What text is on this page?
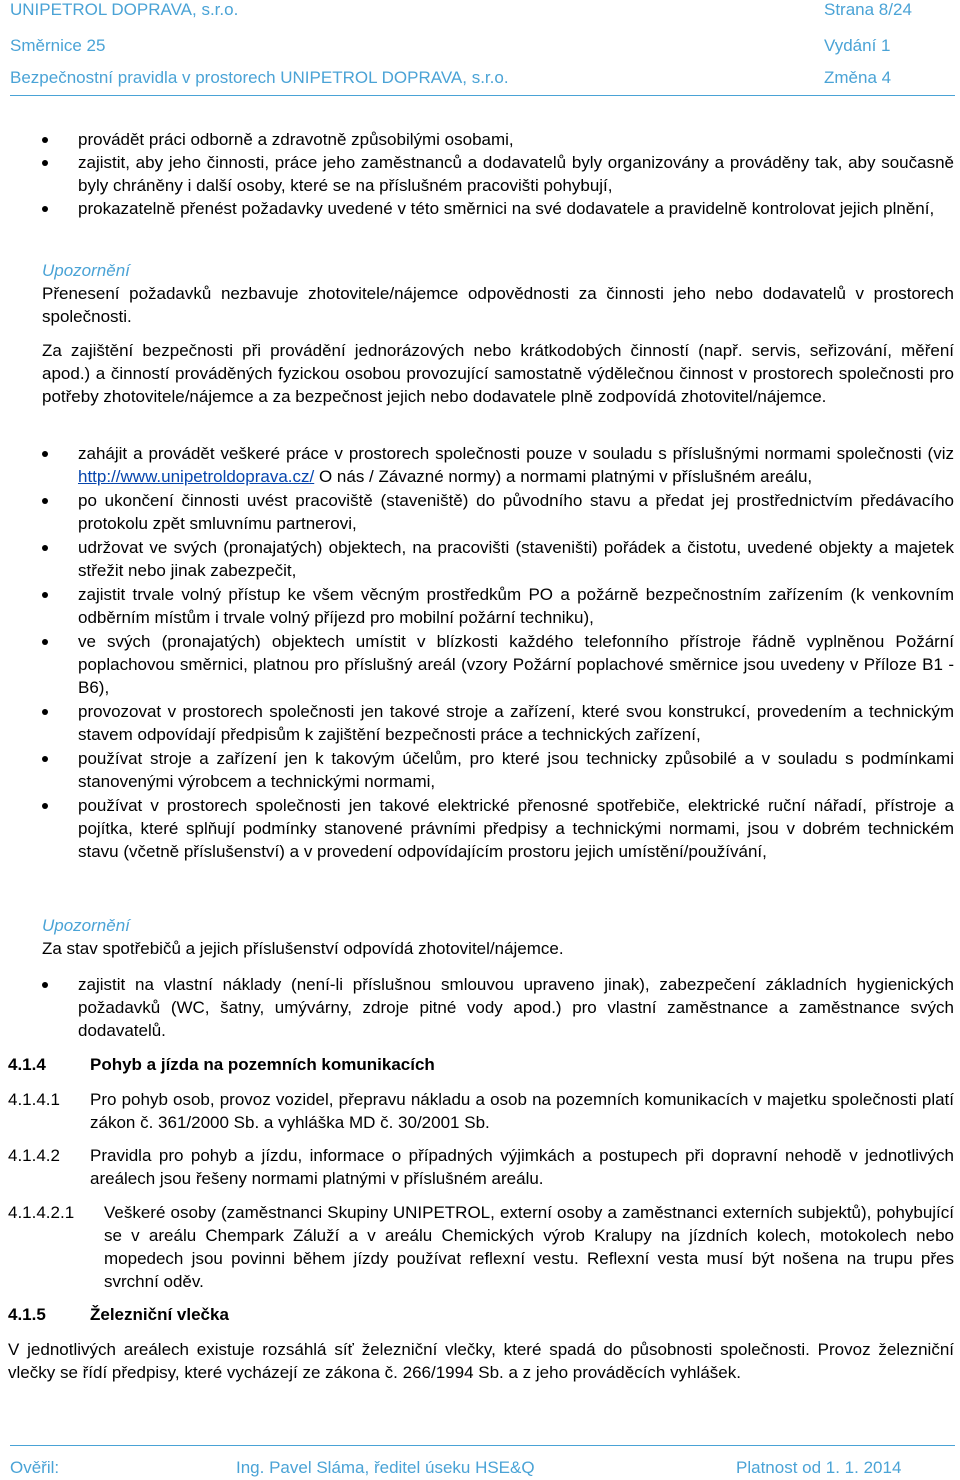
UNIPETROL DOPRAVA, s.r.o.	Strana 8/24
Směrnice 25	Vydání 1
Bezpečnostní pravidla v prostorech UNIPETROL DOPRAVA, s.r.o.	Změna 4
provádět práci odborně a zdravotně způsobilými osobami,
zajistit, aby jeho činnosti, práce jeho zaměstnanců a dodavatelů byly organizovány a prováděny tak, aby současně byly chráněny i další osoby, které se na příslušném pracovišti pohybují,
prokazatelně přenést požadavky uvedené v této směrnici na své dodavatele a pravidelně kontrolovat jejich plnění,
Upozornění
Přenesení požadavků nezbavuje zhotovitele/nájemce odpovědnosti za činnosti jeho nebo dodavatelů v prostorech společnosti.
Za zajištění bezpečnosti při provádění jednorázových nebo krátkodobých činností (např. servis, seřizování, měření apod.) a činností prováděných fyzickou osobou provozující samostatně výdělečnou činnost v prostorech společnosti pro potřeby zhotovitele/nájemce a za bezpečnost jejich nebo dodavatele plně zodpovídá zhotovitel/nájemce.
zahájit a provádět veškeré práce v prostorech společnosti pouze v souladu s příslušnými normami společnosti (viz http://www.unipetroldoprava.cz/ O nás / Závazné normy) a normami platnými v příslušném areálu,
po ukončení činnosti uvést pracoviště (staveniště) do původního stavu a předat jej prostřednictvím předávacího protokolu zpět smluvnímu partnerovi,
udržovat ve svých (pronajatých) objektech, na pracovišti (staveništi) pořádek a čistotu, uvedené objekty a majetek střežit nebo jinak zabezpečit,
zajistit trvale volný přístup ke všem věcným prostředkům PO a požárně bezpečnostním zařízením (k venkovním odběrním místům i trvale volný příjezd pro mobilní požární techniku),
ve svých (pronajatých) objektech umístit v blízkosti každého telefonního přístroje řádně vyplněnou Požární poplachovou směrnici, platnou pro příslušný areál (vzory Požární poplachové směrnice jsou uvedeny v Příloze B1 - B6),
provozovat v prostorech společnosti jen takové stroje a zařízení, které svou konstrukcí, provedením a technickým stavem odpovídají předpisům k zajištění bezpečnosti práce a technických zařízení,
používat stroje a zařízení jen k takovým účelům, pro které jsou technicky způsobilé a v souladu s podmínkami stanovenými výrobcem a technickými normami,
používat v prostorech společnosti jen takové elektrické přenosné spotřebiče, elektrické ruční nářadí, přístroje a pojítka, které splňují podmínky stanovené právními předpisy a technickými normami, jsou v dobrém technickém stavu (včetně příslušenství) a v provedení odpovídajícím prostoru jejich umístění/používání,
Upozornění
Za stav spotřebičů a jejich příslušenství odpovídá zhotovitel/nájemce.
zajistit na vlastní náklady (není-li příslušnou smlouvou upraveno jinak), zabezpečení základních hygienických požadavků (WC, šatny, umývárny, zdroje pitné vody apod.) pro vlastní zaměstnance a zaměstnance svých dodavatelů.
4.1.4	Pohyb a jízda na pozemních komunikacích
4.1.4.1 Pro pohyb osob, provoz vozidel, přepravu nákladu a osob na pozemních komunikacích v majetku společnosti platí zákon č. 361/2000 Sb. a vyhláška MD č. 30/2001 Sb.
4.1.4.2 Pravidla pro pohyb a jízdu, informace o případných výjimkách a postupech při dopravní nehodě v jednotlivých areálech jsou řešeny normami platnými v příslušném areálu.
4.1.4.2.1 Veškeré osoby (zaměstnanci Skupiny UNIPETROL, externí osoby a zaměstnanci externích subjektů), pohybující se v areálu Chempark Záluží a v areálu Chemických výrob Kralupy na jízdních kolech, motokolech nebo mopedech jsou povinni během jízdy používat reflexní vestu. Reflexní vesta musí být nošena na trupu přes svrchní oděv.
4.1.5	Železniční vlečka
V jednotlivých areálech existuje rozsáhlá síť železniční vlečky, které spadá do působnosti společnosti. Provoz železniční vlečky se řídí předpisy, které vycházejí ze zákona č. 266/1994 Sb. a z jeho prováděcích vyhlášek.
Ověřil:	Ing. Pavel Sláma, ředitel úseku HSE&Q	Platnost od 1. 1. 2014
